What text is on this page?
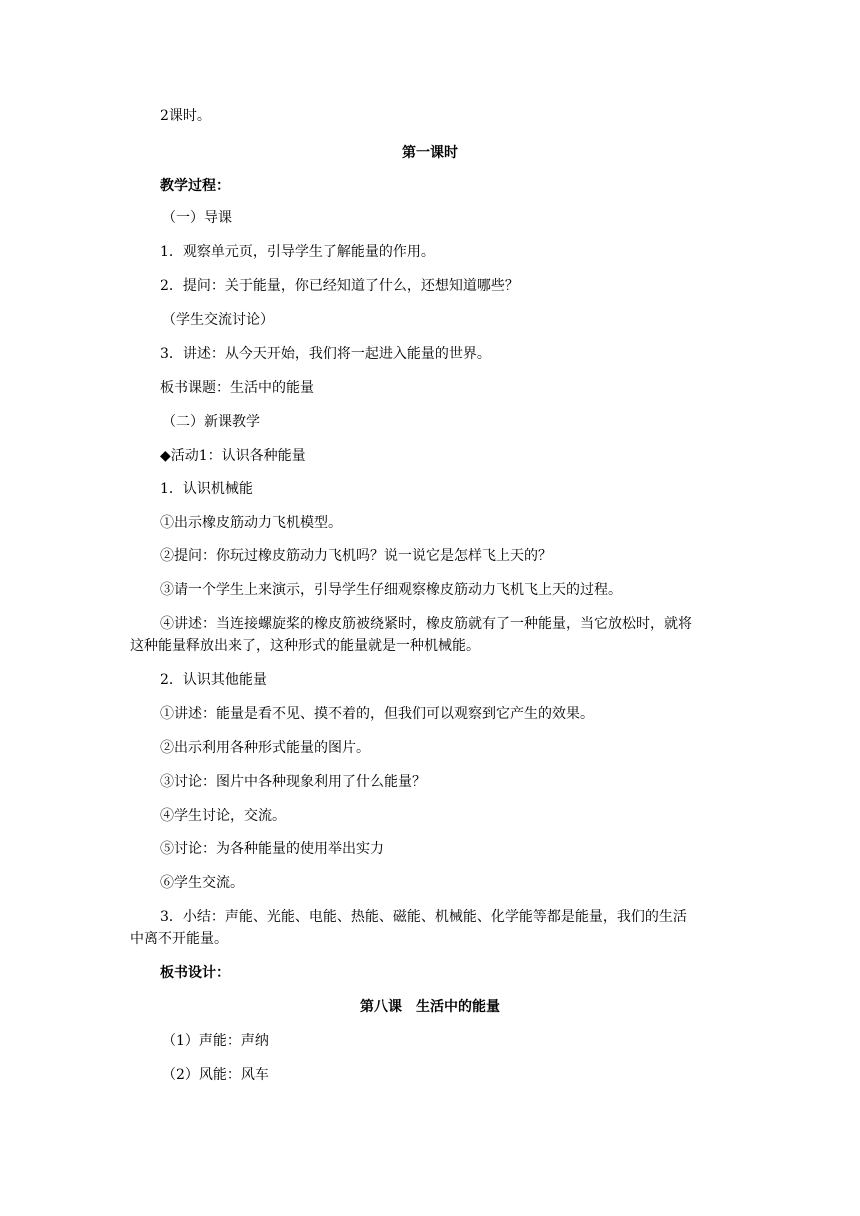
2课时。
第一课时
教学过程：
（一）导课
1．观察单元页，引导学生了解能量的作用。
2．提问：关于能量，你已经知道了什么，还想知道哪些？
（学生交流讨论）
3．讲述：从今天开始，我们将一起进入能量的世界。
板书课题：生活中的能量
（二）新课教学
◆活动1：认识各种能量
1．认识机械能
①出示橡皮筋动力飞机模型。
②提问：你玩过橡皮筋动力飞机吗？说一说它是怎样飞上天的？
③请一个学生上来演示，引导学生仔细观察橡皮筋动力飞机飞上天的过程。
④讲述：当连接螺旋桨的橡皮筋被绕紧时，橡皮筋就有了一种能量，当它放松时，就将
这种能量释放出来了，这种形式的能量就是一种机械能。
2．认识其他能量
①讲述：能量是看不见、摸不着的，但我们可以观察到它产生的效果。
②出示利用各种形式能量的图片。
③讨论：图片中各种现象利用了什么能量？
④学生讨论，交流。
⑤讨论：为各种能量的使用举出实力
⑥学生交流。
3．小结：声能、光能、电能、热能、磁能、机械能、化学能等都是能量，我们的生活
中离不开能量。
板书设计：
第八课　生活中的能量
（1）声能：声纳
（2）风能：风车
